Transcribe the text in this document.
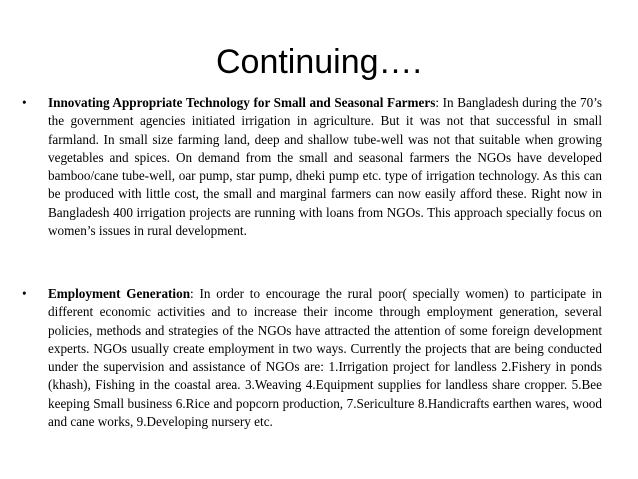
Continuing….
•	Innovating Appropriate Technology for Small and Seasonal Farmers: In Bangladesh during the 70’s the government agencies initiated irrigation in agriculture. But it was not that successful in small farmland. In small size farming land, deep and shallow tube-well was not that suitable when growing vegetables and spices. On demand from the small and seasonal farmers the NGOs have developed bamboo/cane tube-well, oar pump, star pump, dheki pump etc. type of irrigation technology. As this can be produced with little cost, the small and marginal farmers can now easily afford these. Right now in Bangladesh 400 irrigation projects are running with loans from NGOs. This approach specially focus on women’s issues in rural development.
•	Employment Generation: In order to encourage the rural poor( specially women) to participate in different economic activities and to increase their income through employment generation, several policies, methods and strategies of the NGOs have attracted the attention of some foreign development experts. NGOs usually create employment in two ways. Currently the projects that are being conducted under the supervision and assistance of NGOs are: 1.Irrigation project for landless 2.Fishery in ponds (khash), Fishing in the coastal area. 3.Weaving 4.Equipment supplies for landless share cropper. 5.Bee keeping Small business 6.Rice and popcorn production, 7.Sericulture 8.Handicrafts earthen wares, wood and cane works, 9.Developing nursery etc.
